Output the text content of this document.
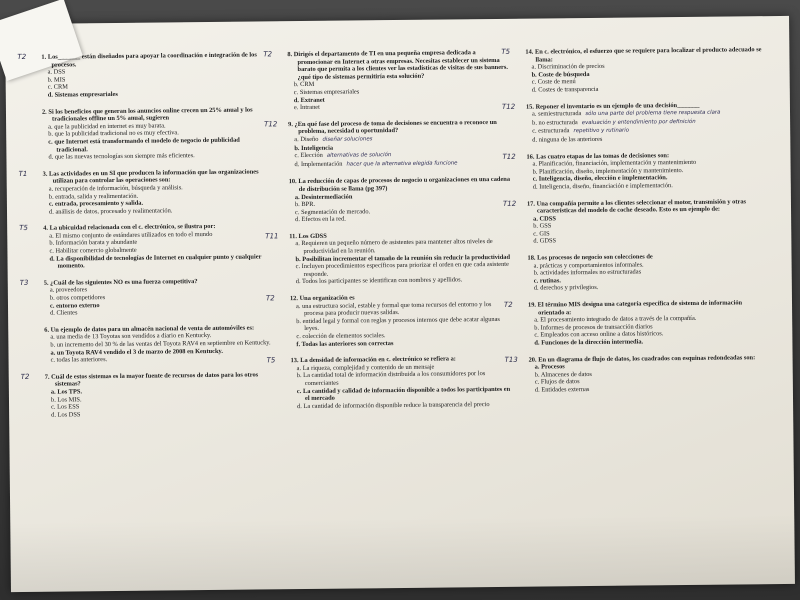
T2 1. Los_______ están diseñados para apoyar la coordinación e integración de los procesos.
a. DSS
b. MIS
c. CRM
d. Sistemas empresariales
2. Si los beneficios que generan los anuncios online crecen un 25% anual y los tradicionales offline un 5% anual, sugieren
a. que la publicidad en internet es muy barata.
b. que la publicidad tradicional no es muy efectiva.
c. que Internet está transformando el modelo de negocio de publicidad tradicional.
d. que las nuevas tecnologías son siempre más eficientes.
T1 3. Las actividades en un SI que producen la información que las organizaciones utilizan para controlar las operaciones son:
a. recuperación de información, búsqueda y análisis.
b. entrada, salida y realimentación.
c. entrada, procesamiento y salida.
d. análisis de datos, procesado y realimentación.
T5 4. La ubicuidad relacionada con el c. electrónico, se ilustra por:
a. El mismo conjunto de estándares utilizados en todo el mundo
b. Información barata y abundante
c. Habilitar comercio globalmente
d. La disponibilidad de tecnologías de Internet en cualquier punto y cualquier momento.
T3 5. ¿Cuál de las siguientes NO es una fuerza competitiva?
a. proveedores
b. otros competidores
c. entorno externo
d. Clientes
6. Un ejemplo de datos para un almacén nacional de venta de automóviles es:
a. una media de 13 Toyotas son vendidos a diario en Kentucky.
b. un incremento del 30 % de las ventas del Toyota RAV4 en septiembre en Kentucky.
a. un Toyota RAV4 vendido el 3 de marzo de 2008 en Kentucky.
c. todas las anteriores.
T2 7. Cuál de estos sistemas es la mayor fuente de recursos de datos para los otros sistemas?
a. Los TPS.
b. Los MIS.
c. Los ESS
d. Los DSS
T2 8. Dirigés el departamento de TI en una pequeña empresa dedicada a promocionar en Internet a otras empresas. Necesitas establecer un sistema barato que permita a los clientes ver las estadísticas de visitas de sus banners. ¿qué tipo de sistemas permitiría esta solución?
b. CRM
c. Sistemas empresariales
d. Extranet
e. Intranet
T12 9. ¿En qué fase del proceso de toma de decisiones se encuentra o reconoce un problema, necesidad u oportunidad?
a. Diseño diseñar soluciones
b. Inteligencia
c. Elección alternativas de solución
d. Implementación hacer que la alternativa elegida funcione
10. La reducción de capas de procesos de negocio u organizaciones en una cadena de distribución se llama (pg 397)
a. Desintermediación
b. BPR.
c. Segmentación de mercado.
d. Efectos en la red.
T11 11. Los GDSS
a. Requieren un pequeño número de asistentes para mantener altos niveles de productividad en la reunión.
b. Posibilitan incrementar el tamaño de la reunión sin reducir la productividad
c. Incluyen procedimientos específicos para priorizar el orden en que cada asistente responde.
d. Todos los participantes se identifican con nombres y apellidos.
T2 12. Una organización es
a. una estructura social, estable y formal que toma recursos del entorno y los procesa para producir nuevas salidas.
b. entidad legal y formal con reglas y procesos internos que debe acatar algunas leyes.
c. colección de elementos sociales.
f. Todas las anteriores son correctas
T5 13. La densidad de información en c. electrónico se refiera a:
a. La riqueza, complejidad y contenido de un mensaje
b. La cantidad total de información distribuida a los consumidores por los comerciantes
c. La cantidad y calidad de información disponible a todos los participantes en el mercado
d. La cantidad de información disponible reduce la transparencia del precio
T5 14. En c. electrónico, el esfuerzo que se requiere para localizar el producto adecuado se llama:
a. Discriminación de precios
b. Coste de búsqueda
c. Coste de menú
d. Costes de transparencia
T12 15. Reponer el inventario es un ejemplo de una decisión_______
a. semiestructurada sólo una parte del problema tiene respuesta clara
b. no estructurada evaluación y entendimiento por definición
c. estructurada repetitivo y rutinario
d. ninguna de las anteriores
T12 16. Las cuatro etapas de las tomas de decisiones son:
a. Planificación, financiación, implementación y mantenimiento
b. Planificación, diseño, implementación y mantenimiento.
c. Inteligencia, diseño, elección e implementación.
d. Inteligencia, diseño, financiación e implementación.
T12 17. Una compañía permite a los clientes seleccionar el motor, transmisión y otras características del modelo de coche deseado. Esto es un ejemplo de:
a. CDSS
b. GSS
c. GIS
d. GDSS
18. Los procesos de negocio son colecciones de
a. prácticas y comportamientos informales.
b. actividades informales no estructuradas
c. rutinas.
d. derechos y privilegios.
T2 19. El término MIS designa una categoría específica de sistema de información orientado a:
a. El procesamiento integrado de datos a través de la compañía.
b. Informes de procesos de transacción diarios
c. Empleados con acceso online a datos históricos.
d. Funciones de la dirección intermedia.
T13 20. En un diagrama de flujo de datos, los cuadrados con esquinas redondeadas son:
a. Procesos
b. Almacenes de datos
c. Flujos de datos
d. Entidades externas
